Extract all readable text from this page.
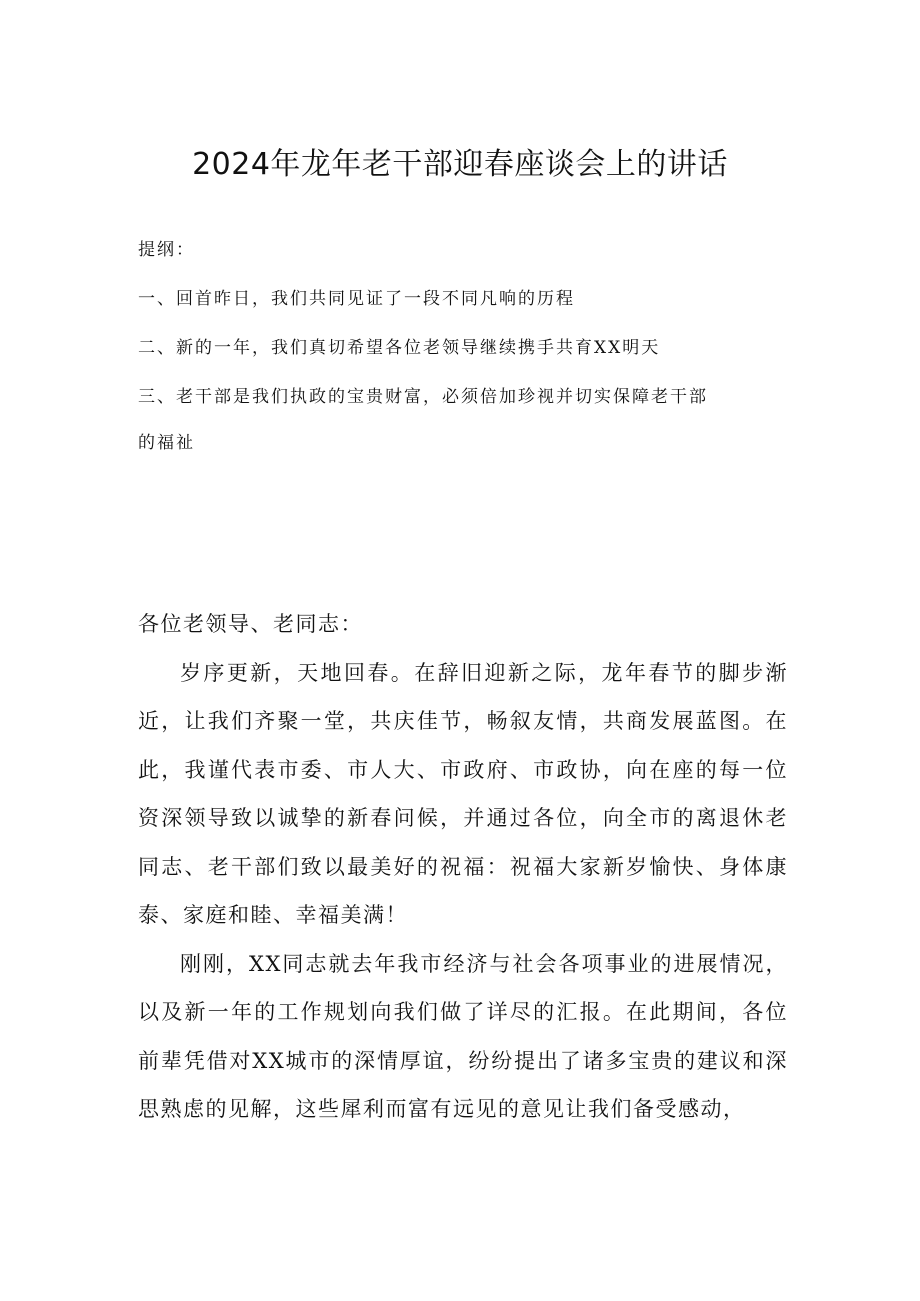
2024年龙年老干部迎春座谈会上的讲话
提纲：
一、回首昨日，我们共同见证了一段不同凡响的历程
二、新的一年，我们真切希望各位老领导继续携手共育XX明天
三、老干部是我们执政的宝贵财富，必须倍加珍视并切实保障老干部
的福祉

各位老领导、老同志：

岁序更新，天地回春。在辞旧迎新之际，龙年春节的脚步渐近，让我们齐聚一堂，共庆佳节，畅叙友情，共商发展蓝图。在此，我谨代表市委、市人大、市政府、市政协，向在座的每一位资深领导致以诚挚的新春问候，并通过各位，向全市的离退休老同志、老干部们致以最美好的祝福：祝福大家新岁愉快、身体康泰、家庭和睦、幸福美满！

刚刚，XX同志就去年我市经济与社会各项事业的进展情况，以及新一年的工作规划向我们做了详尽的汇报。在此期间，各位前辈凭借对XX城市的深情厚谊，纷纷提出了诸多宝贵的建议和深思熟虑的见解，这些犀利而富有远见的意见让我们备受感动，
